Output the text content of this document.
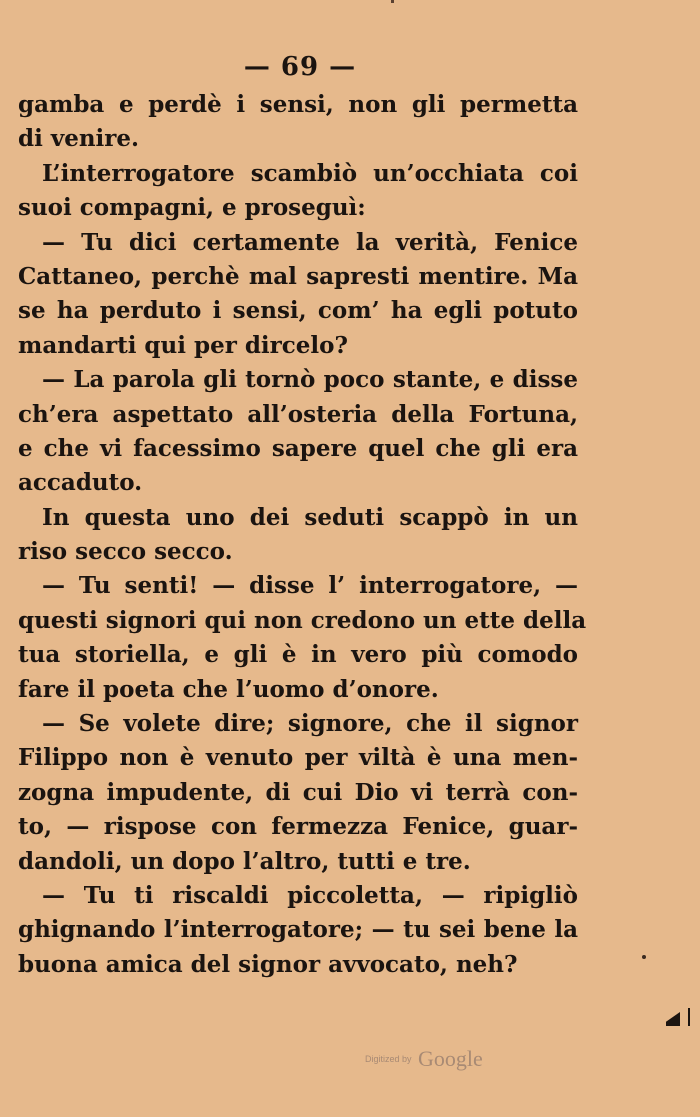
— 69 —
gamba e perdè i sensi, non gli permetta
di venire.
L’interrogatore scambiò un’occhiata coi
suoi compagni, e proseguì:
— Tu dici certamente la verità, Fenice
Cattaneo, perchè mal sapresti mentire. Ma
se ha perduto i sensi, com’ ha egli potuto
mandarti qui per dircelo?
— La parola gli tornò poco stante, e disse
ch’era aspettato all’osteria della Fortuna,
e che vi facessimo sapere quel che gli era
accaduto.
In questa uno dei seduti scappò in un
riso secco secco.
— Tu senti! — disse l’ interrogatore, —
questi signori qui non credono un ette della
tua storiella, e gli è in vero più comodo
fare il poeta che l’uomo d’onore.
— Se volete dire; signore, che il signor
Filippo non è venuto per viltà è una men-
zogna impudente, di cui Dio vi terrà con-
to, — rispose con fermezza Fenice, guar-
dandoli, un dopo l’altro, tutti e tre.
— Tu ti riscaldi piccoletta, — ripigliò
ghignando l’interrogatore; — tu sei bene la
buona amica del signor avvocato, neh?
Digitized by Google
